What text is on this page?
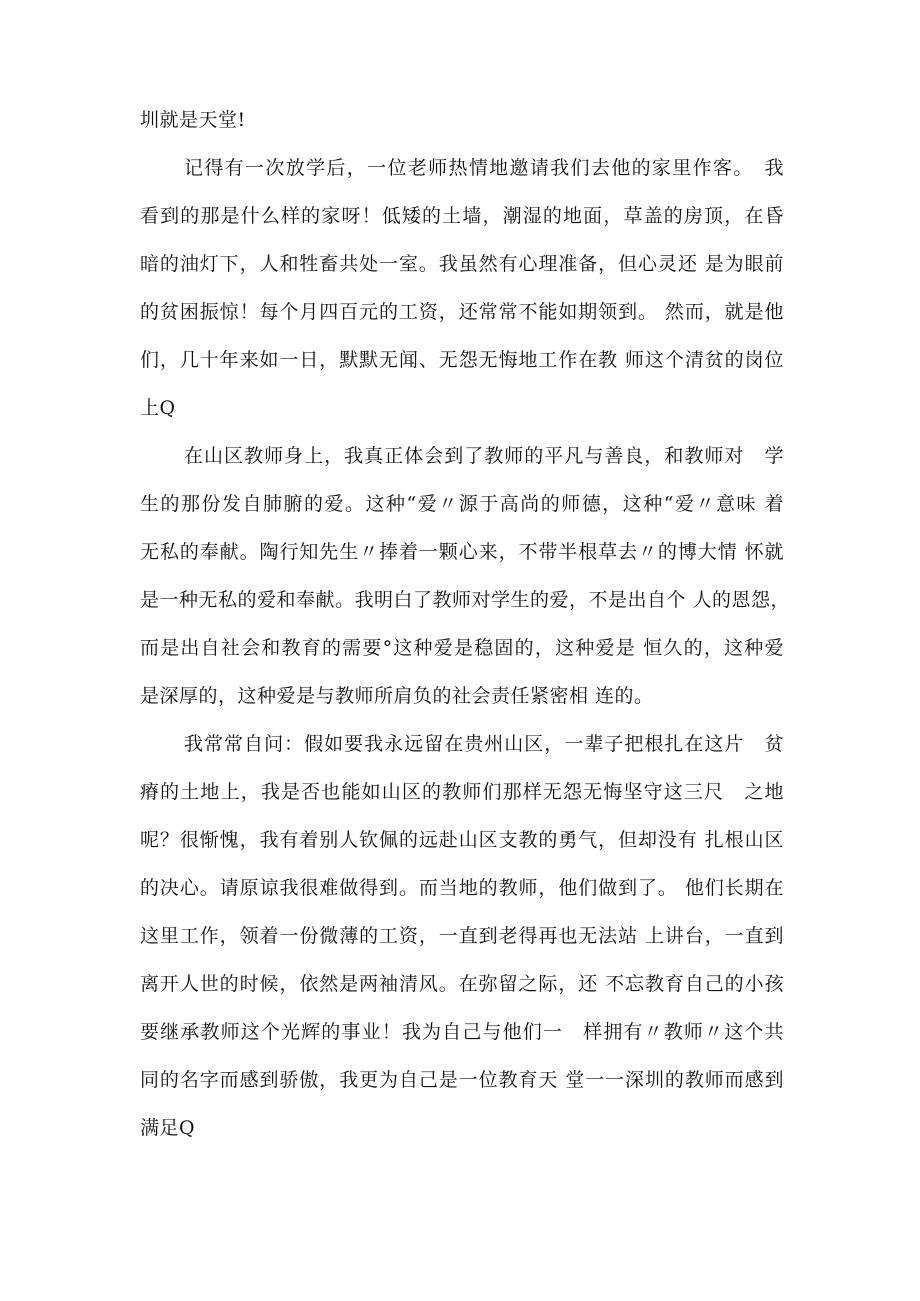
圳就是天堂!
记得有一次放学后，一位老师热情地邀请我们去他的家里作客。　我
看到的那是什么样的家呀！低矮的土墙，潮湿的地面，草盖的房顶，在昏
暗的油灯下，人和牲畜共处一室。我虽然有心理准备，但心灵还 是为眼前
的贫困振惊！每个月四百元的工资，还常常不能如期领到。 然而，就是他
们，几十年来如一日，默默无闻、无怨无悔地工作在教 师这个清贫的岗位
上Q
在山区教师身上，我真正体会到了教师的平凡与善良，和教师对　学
生的那份发自肺腑的爱。这种“爱〃源于高尚的师德，这种“爱〃意味 着
无私的奉献。陶行知先生〃捧着一颗心来，不带半根草去〃的博大情 怀就
是一种无私的爱和奉献。我明白了教师对学生的爱，不是出自个 人的恩怨，
而是出自社会和教育的需要°这种爱是稳固的，这种爱是 恒久的，这种爱
是深厚的，这种爱是与教师所肩负的社会责任紧密相 连的。
我常常自问：假如要我永远留在贵州山区，一辈子把根扎在这片　贫
瘠的土地上，我是否也能如山区的教师们那样无怨无悔坚守这三尺　之地
呢？很惭愧，我有着别人钦佩的远赴山区支教的勇气，但却没有 扎根山区
的决心。请原谅我很难做得到。而当地的教师，他们做到了。 他们长期在
这里工作，领着一份微薄的工资，一直到老得再也无法站 上讲台，一直到
离开人世的时候，依然是两袖清风。在弥留之际，还 不忘教育自己的小孩
要继承教师这个光辉的事业！我为自己与他们一　样拥有〃教师〃这个共
同的名字而感到骄傲，我更为自己是一位教育天 堂一一深圳的教师而感到
满足Q
